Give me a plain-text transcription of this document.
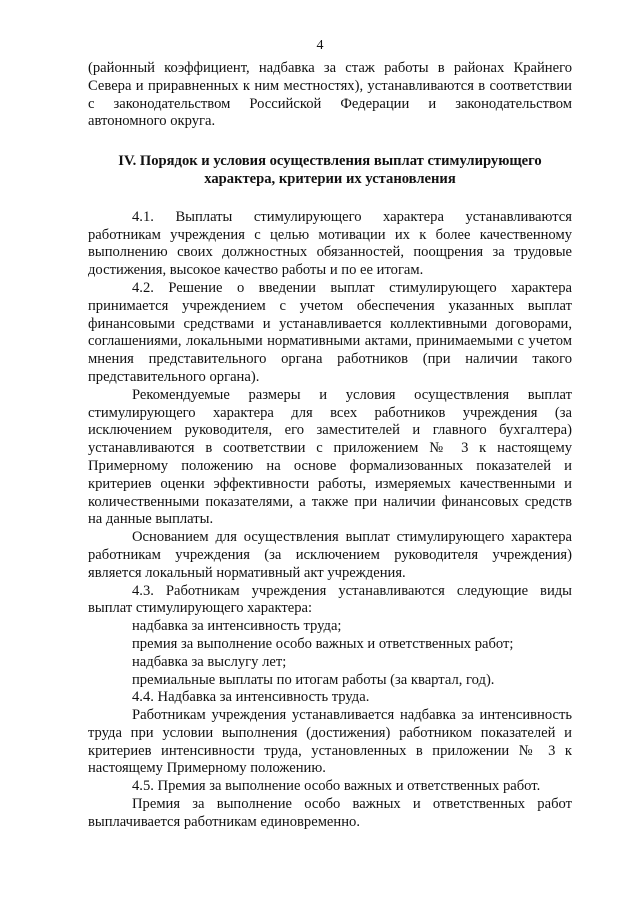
4

(районный коэффициент, надбавка за стаж работы в районах Крайнего Севера и приравненных к ним местностях), устанавливаются в соответствии с законодательством Российской Федерации и законодательством автономного округа.

IV. Порядок и условия осуществления выплат стимулирующего характера, критерии их установления

4.1. Выплаты стимулирующего характера устанавливаются работникам учреждения с целью мотивации их к более качественному выполнению своих должностных обязанностей, поощрения за трудовые достижения, высокое качество работы и по ее итогам.

4.2. Решение о введении выплат стимулирующего характера принимается учреждением с учетом обеспечения указанных выплат финансовыми средствами и устанавливается коллективными договорами, соглашениями, локальными нормативными актами, принимаемыми с учетом мнения представительного органа работников (при наличии такого представительного органа).

Рекомендуемые размеры и условия осуществления выплат стимулирующего характера для всех работников учреждения (за исключением руководителя, его заместителей и главного бухгалтера) устанавливаются в соответствии с приложением № 3 к настоящему Примерному положению на основе формализованных показателей и критериев оценки эффективности работы, измеряемых качественными и количественными показателями, а также при наличии финансовых средств на данные выплаты.

Основанием для осуществления выплат стимулирующего характера работникам учреждения (за исключением руководителя учреждения) является локальный нормативный акт учреждения.

4.3. Работникам учреждения устанавливаются следующие виды выплат стимулирующего характера:

надбавка за интенсивность труда;

премия за выполнение особо важных и ответственных работ;

надбавка за выслугу лет;

премиальные выплаты по итогам работы (за квартал, год).

4.4. Надбавка за интенсивность труда.

Работникам учреждения устанавливается надбавка за интенсивность труда при условии выполнения (достижения) работником показателей и критериев интенсивности труда, установленных в приложении № 3 к настоящему Примерному положению.

4.5. Премия за выполнение особо важных и ответственных работ.

Премия за выполнение особо важных и ответственных работ выплачивается работникам единовременно.
